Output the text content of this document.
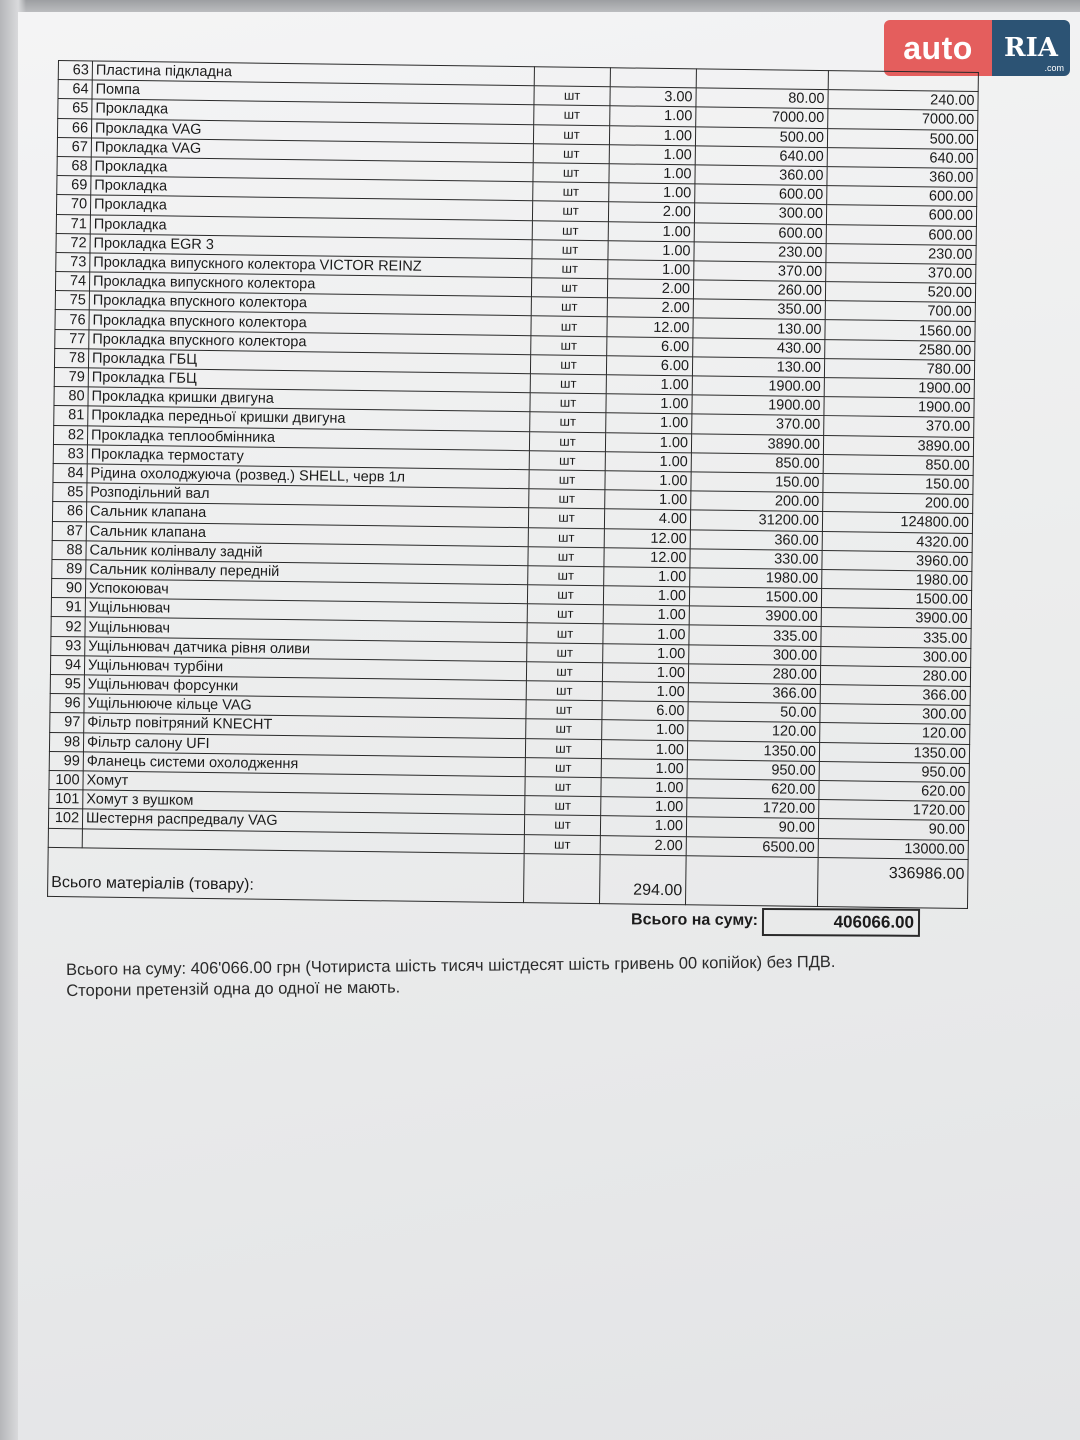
auto	RIA
.com
63	Пластина підкладна				
64	Помпа	шт	3.00	80.00	240.00
65	Прокладка	шт	1.00	7000.00	7000.00
66	Прокладка VAG	шт	1.00	500.00	500.00
67	Прокладка VAG	шт	1.00	640.00	640.00
68	Прокладка	шт	1.00	360.00	360.00
69	Прокладка	шт	1.00	600.00	600.00
70	Прокладка	шт	2.00	300.00	600.00
71	Прокладка	шт	1.00	600.00	600.00
72	Прокладка EGR 3	шт	1.00	230.00	230.00
73	Прокладка випускного колектора VICTOR REINZ	шт	1.00	370.00	370.00
74	Прокладка випускного колектора	шт	2.00	260.00	520.00
75	Прокладка впускного колектора	шт	2.00	350.00	700.00
76	Прокладка впускного колектора	шт	12.00	130.00	1560.00
77	Прокладка впускного колектора	шт	6.00	430.00	2580.00
78	Прокладка ГБЦ	шт	6.00	130.00	780.00
79	Прокладка ГБЦ	шт	1.00	1900.00	1900.00
80	Прокладка кришки двигуна	шт	1.00	1900.00	1900.00
81	Прокладка передньої кришки двигуна	шт	1.00	370.00	370.00
82	Прокладка теплообмінника	шт	1.00	3890.00	3890.00
83	Прокладка термостату	шт	1.00	850.00	850.00
84	Рідина охолоджуюча (розвед.) SHELL, черв 1л	шт	1.00	150.00	150.00
85	Розподільний вал	шт	1.00	200.00	200.00
86	Сальник клапана	шт	4.00	31200.00	124800.00
87	Сальник клапана	шт	12.00	360.00	4320.00
88	Сальник колінвалу задній	шт	12.00	330.00	3960.00
89	Сальник колінвалу передній	шт	1.00	1980.00	1980.00
90	Успокоювач	шт	1.00	1500.00	1500.00
91	Ущільнювач	шт	1.00	3900.00	3900.00
92	Ущільнювач	шт	1.00	335.00	335.00
93	Ущільнювач датчика рівня оливи	шт	1.00	300.00	300.00
94	Ущільнювач турбіни	шт	1.00	280.00	280.00
95	Ущільнювач форсунки	шт	1.00	366.00	366.00
96	Ущільнююче кільце VAG	шт	6.00	50.00	300.00
97	Фільтр повітряний KNECHT	шт	1.00	120.00	120.00
98	Фільтр салону UFI	шт	1.00	1350.00	1350.00
99	Фланець системи охолодження	шт	1.00	950.00	950.00
100	Хомут	шт	1.00	620.00	620.00
101	Хомут з вушком	шт	1.00	1720.00	1720.00
102	Шестерня распредвалу VAG	шт	1.00	90.00	90.00
		шт	2.00	6500.00	13000.00
Всього матеріалів (товару):			294.00		336986.00
Всього на суму:	406066.00
Всього на суму: 406'066.00 грн (Чотириста шість тисяч шістдесят шість гривень 00 копійок) без ПДВ.
Сторони претензій одна до одної не мають.
